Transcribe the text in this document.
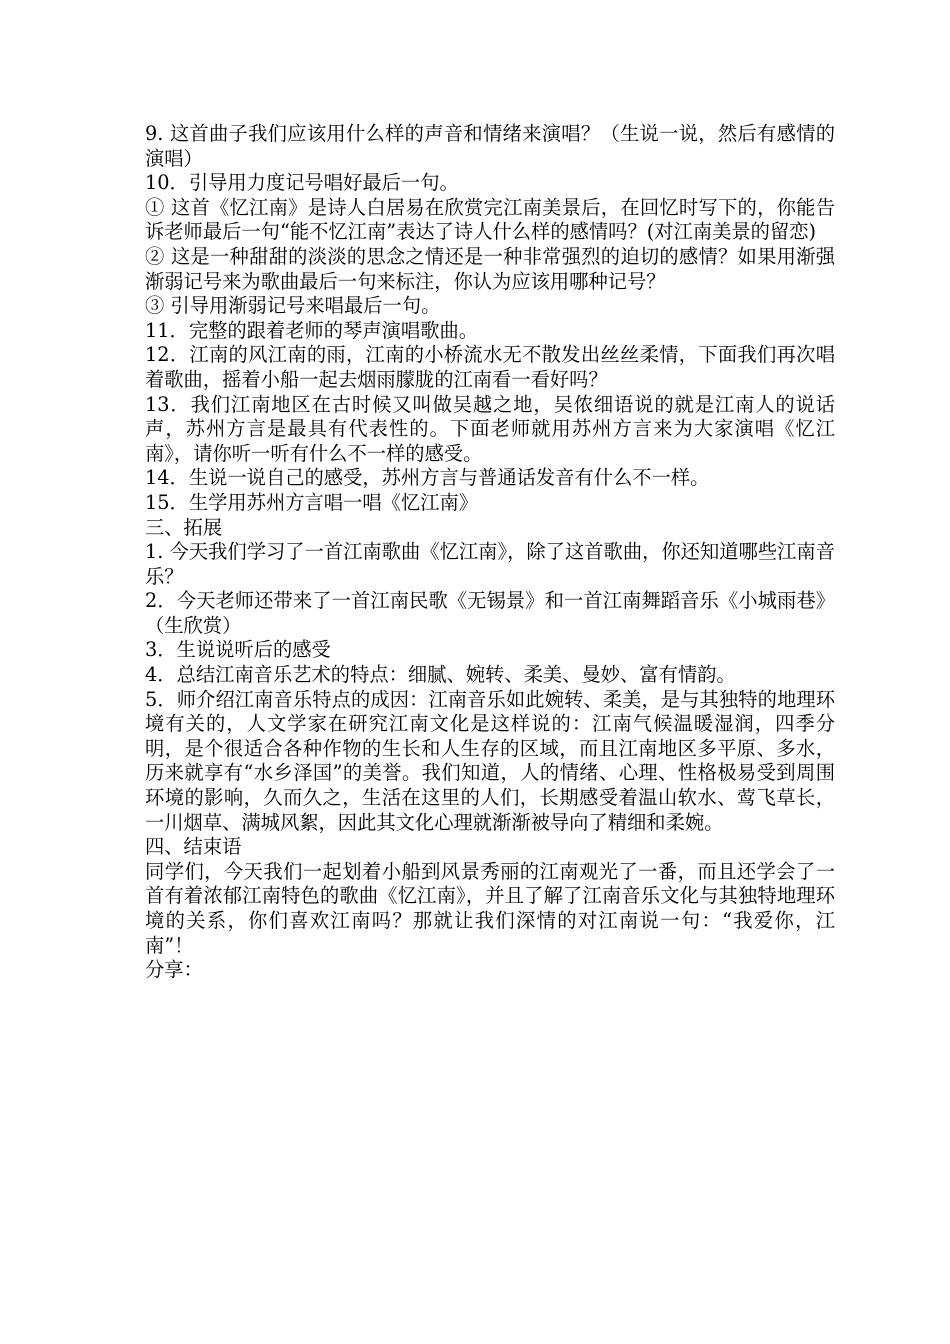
9. 这首曲子我们应该用什么样的声音和情绪来演唱？（生说一说，然后有感情的演唱）

10．引导用力度记号唱好最后一句。

① 这首《忆江南》是诗人白居易在欣赏完江南美景后，在回忆时写下的，你能告诉老师最后一句“能不忆江南”表达了诗人什么样的感情吗？(对江南美景的留恋)

② 这是一种甜甜的淡淡的思念之情还是一种非常强烈的迫切的感情？如果用渐强渐弱记号来为歌曲最后一句来标注，你认为应该用哪种记号？

③ 引导用渐弱记号来唱最后一句。

11．完整的跟着老师的琴声演唱歌曲。

12．江南的风江南的雨，江南的小桥流水无不散发出丝丝柔情，下面我们再次唱着歌曲，摇着小船一起去烟雨朦胧的江南看一看好吗？

13．我们江南地区在古时候又叫做吴越之地，吴侬细语说的就是江南人的说话声，苏州方言是最具有代表性的。下面老师就用苏州方言来为大家演唱《忆江南》，请你听一听有什么不一样的感受。

14．生说一说自己的感受，苏州方言与普通话发音有什么不一样。

15．生学用苏州方言唱一唱《忆江南》

三、拓展

1. 今天我们学习了一首江南歌曲《忆江南》，除了这首歌曲，你还知道哪些江南音乐？

2．今天老师还带来了一首江南民歌《无锡景》和一首江南舞蹈音乐《小城雨巷》（生欣赏）

3．生说说听后的感受

4．总结江南音乐艺术的特点：细腻、婉转、柔美、曼妙、富有情韵。

5．师介绍江南音乐特点的成因：江南音乐如此婉转、柔美，是与其独特的地理环境有关的，人文学家在研究江南文化是这样说的：江南气候温暖湿润，四季分明，是个很适合各种作物的生长和人生存的区域，而且江南地区多平原、多水，历来就享有“水乡泽国”的美誉。我们知道，人的情绪、心理、性格极易受到周围环境的影响，久而久之，生活在这里的人们，长期感受着温山软水、莺飞草长，一川烟草、满城风絮，因此其文化心理就渐渐被导向了精细和柔婉。

四、结束语

同学们，今天我们一起划着小船到风景秀丽的江南观光了一番，而且还学会了一首有着浓郁江南特色的歌曲《忆江南》，并且了解了江南音乐文化与其独特地理环境的关系，你们喜欢江南吗？那就让我们深情的对江南说一句：“我爱你，江南”！

分享：
